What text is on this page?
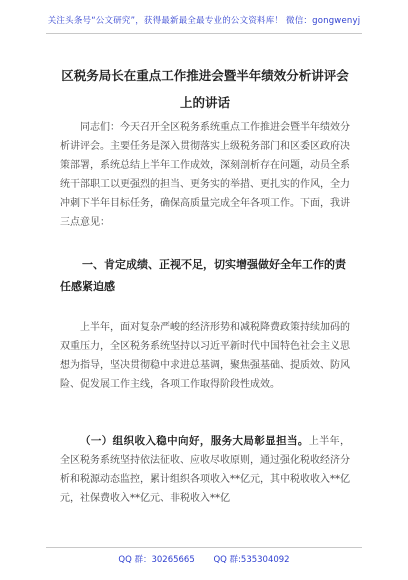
关注头条号“公文研究”，获得最新最全最专业的公文资料库！ 微信：gongwenyj
区税务局长在重点工作推进会暨半年绩效分析讲评会上的讲话
同志们：今天召开全区税务系统重点工作推进会暨半年绩效分析讲评会。主要任务是深入贯彻落实上级税务部门和区委区政府决策部署，系统总结上半年工作成效，深刻剖析存在问题，动员全系统干部职工以更强烈的担当、更务实的举措、更扎实的作风，全力冲刺下半年目标任务，确保高质量完成全年各项工作。下面，我讲三点意见：
一、肯定成绩、正视不足，切实增强做好全年工作的责任感紧迫感
上半年，面对复杂严峻的经济形势和减税降费政策持续加码的双重压力，全区税务系统坚持以习近平新时代中国特色社会主义思想为指导，坚决贯彻稳中求进总基调，聚焦强基础、提质效、防风险、促发展工作主线，各项工作取得阶段性成效。
（一）组织收入稳中向好，服务大局彰显担当。上半年，全区税务系统坚持依法征收、应收尽收原则，通过强化税收经济分析和税源动态监控，累计组织各项收入**亿元，其中税收收入**亿元，社保费收入**亿元、非税收入**亿
QQ 群：30265665 QQ 群:535304092
